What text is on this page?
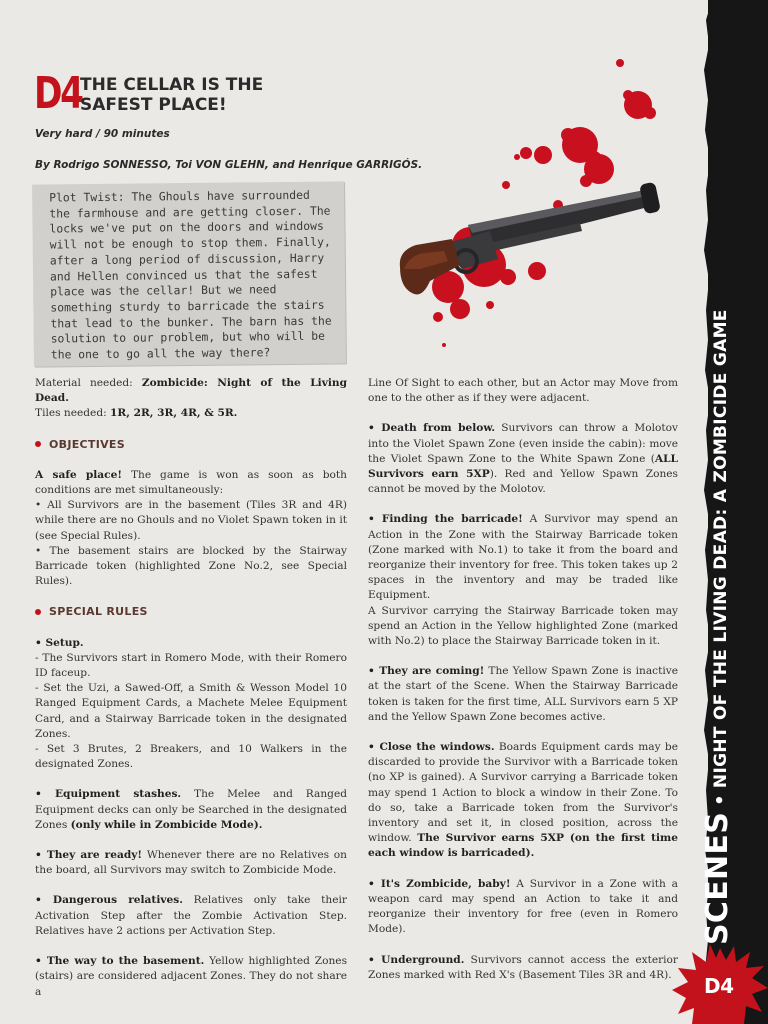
SCENES•NIGHT OF THE LIVING DEAD: A ZOMBICIDE GAME
D4
D4
THE CELLAR IS THE SAFEST PLACE!
Very hard / 90 minutes
By Rodrigo SONNESSO, Toi VON GLEHN, and Henrique GARRIGÓS.
Plot Twist: The Ghouls have surrounded the farmhouse and are getting closer. The locks we've put on the doors and windows will not be enough to stop them. Finally, after a long period of discussion, Harry and Hellen convinced us that the safest place was the cellar! But we need something sturdy to barricade the stairs that lead to the bunker. The barn has the solution to our problem, but who will be the one to go all the way there?

Material needed: Zombicide: Night of the Living Dead.

Tiles needed: 1R, 2R, 3R, 4R, & 5R.

OBJECTIVES

A safe place! The game is won as soon as both conditions are met simultaneously:

• All Survivors are in the basement (Tiles 3R and 4R) while there are no Ghouls and no Violet Spawn token in it (see Special Rules).

• The basement stairs are blocked by the Stairway Barricade token (highlighted Zone No.2, see Special Rules).

SPECIAL RULES

• Setup.

- The Survivors start in Romero Mode, with their Romero ID faceup.

- Set the Uzi, a Sawed-Off, a Smith & Wesson Model 10 Ranged Equipment Cards, a Machete Melee Equipment Card, and a Stairway Barricade token in the designated Zones.

- Set 3 Brutes, 2 Breakers, and 10 Walkers in the designated Zones.

• Equipment stashes. The Melee and Ranged Equipment decks can only be Searched in the designated Zones (only while in Zombicide Mode).

• They are ready! Whenever there are no Relatives on the board, all Survivors may switch to Zombicide Mode.

• Dangerous relatives. Relatives only take their Activation Step after the Zombie Activation Step. Relatives have 2 actions per Activation Step.

• The way to the basement. Yellow highlighted Zones (stairs) are considered adjacent Zones. They do not share a

Line Of Sight to each other, but an Actor may Move from one to the other as if they were adjacent.

• Death from below. Survivors can throw a Molotov into the Violet Spawn Zone (even inside the cabin): move the Violet Spawn Zone to the White Spawn Zone (ALL Survivors earn 5XP). Red and Yellow Spawn Zones cannot be moved by the Molotov.

• Finding the barricade! A Survivor may spend an Action in the Zone with the Stairway Barricade token (Zone marked with No.1) to take it from the board and reorganize their inventory for free. This token takes up 2 spaces in the inventory and may be traded like Equipment.

A Survivor carrying the Stairway Barricade token may spend an Action in the Yellow highlighted Zone (marked with No.2) to place the Stairway Barricade token in it.

• They are coming! The Yellow Spawn Zone is inactive at the start of the Scene. When the Stairway Barricade token is taken for the first time, ALL Survivors earn 5 XP and the Yellow Spawn Zone becomes active.

• Close the windows. Boards Equipment cards may be discarded to provide the Survivor with a Barricade token (no XP is gained). A Survivor carrying a Barricade token may spend 1 Action to block a window in their Zone. To do so, take a Barricade token from the Survivor's inventory and set it, in closed position, across the window. The Survivor earns 5XP (on the first time each window is barricaded).

• It's Zombicide, baby! A Survivor in a Zone with a weapon card may spend an Action to take it and reorganize their inventory for free (even in Romero Mode).

• Underground. Survivors cannot access the exterior Zones marked with Red X's (Basement Tiles 3R and 4R).
